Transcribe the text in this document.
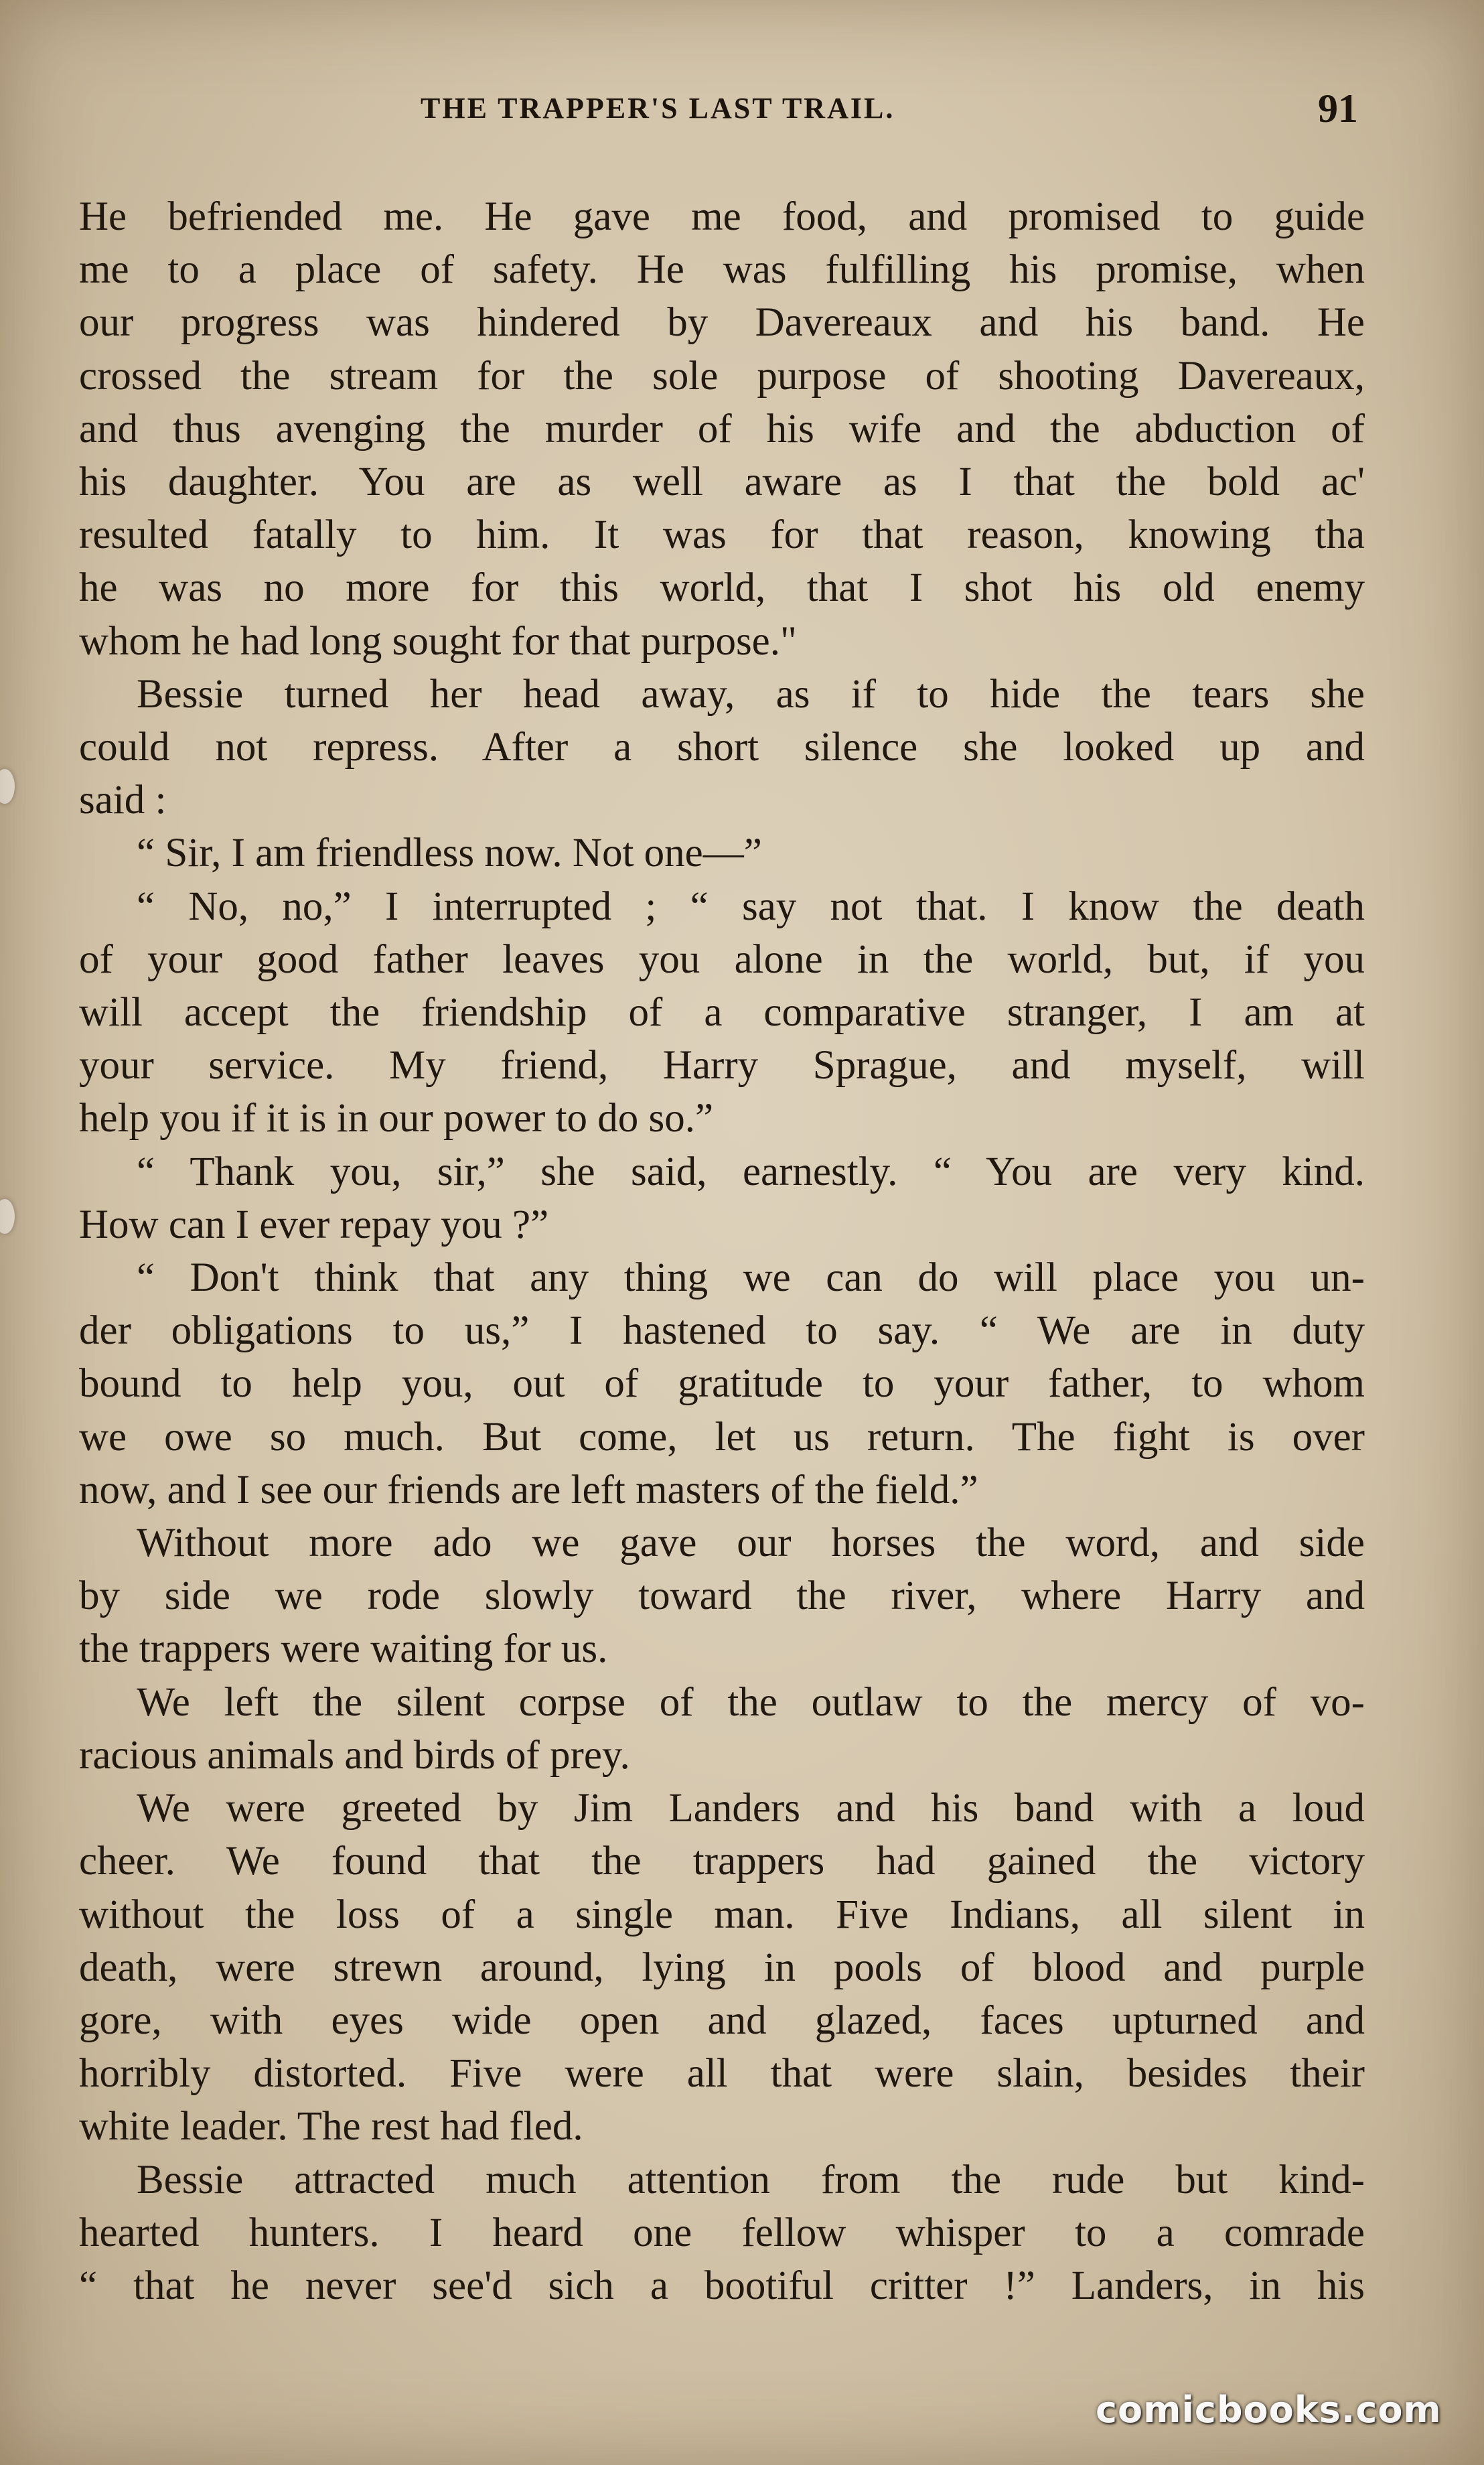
THE TRAPPER'S LAST TRAIL.	91
He befriended me. He gave me food, and promised to guide
me to a place of safety. He was fulfilling his promise, when
our progress was hindered by Davereaux and his band. He
crossed the stream for the sole purpose of shooting Davereaux,
and thus avenging the murder of his wife and the abduction of
his daughter. You are as well aware as I that the bold ac'
resulted fatally to him. It was for that reason, knowing tha
he was no more for this world, that I shot his old enemy
whom he had long sought for that purpose."
Bessie turned her head away, as if to hide the tears she
could not repress. After a short silence she looked up and
said :
“ Sir, I am friendless now. Not one—”
“ No, no,” I interrupted ; “ say not that. I know the death
of your good father leaves you alone in the world, but, if you
will accept the friendship of a comparative stranger, I am at
your service. My friend, Harry Sprague, and myself, will
help you if it is in our power to do so.”
“ Thank you, sir,” she said, earnestly. “ You are very kind.
How can I ever repay you ?”
“ Don't think that any thing we can do will place you un-
der obligations to us,” I hastened to say. “ We are in duty
bound to help you, out of gratitude to your father, to whom
we owe so much. But come, let us return. The fight is over
now, and I see our friends are left masters of the field.”
Without more ado we gave our horses the word, and side
by side we rode slowly toward the river, where Harry and
the trappers were waiting for us.
We left the silent corpse of the outlaw to the mercy of vo-
racious animals and birds of prey.
We were greeted by Jim Landers and his band with a loud
cheer. We found that the trappers had gained the victory
without the loss of a single man. Five Indians, all silent in
death, were strewn around, lying in pools of blood and purple
gore, with eyes wide open and glazed, faces upturned and
horribly distorted. Five were all that were slain, besides their
white leader. The rest had fled.
Bessie attracted much attention from the rude but kind-
hearted hunters. I heard one fellow whisper to a comrade
“ that he never see'd sich a bootiful critter !” Landers, in his
comicbooks.com
